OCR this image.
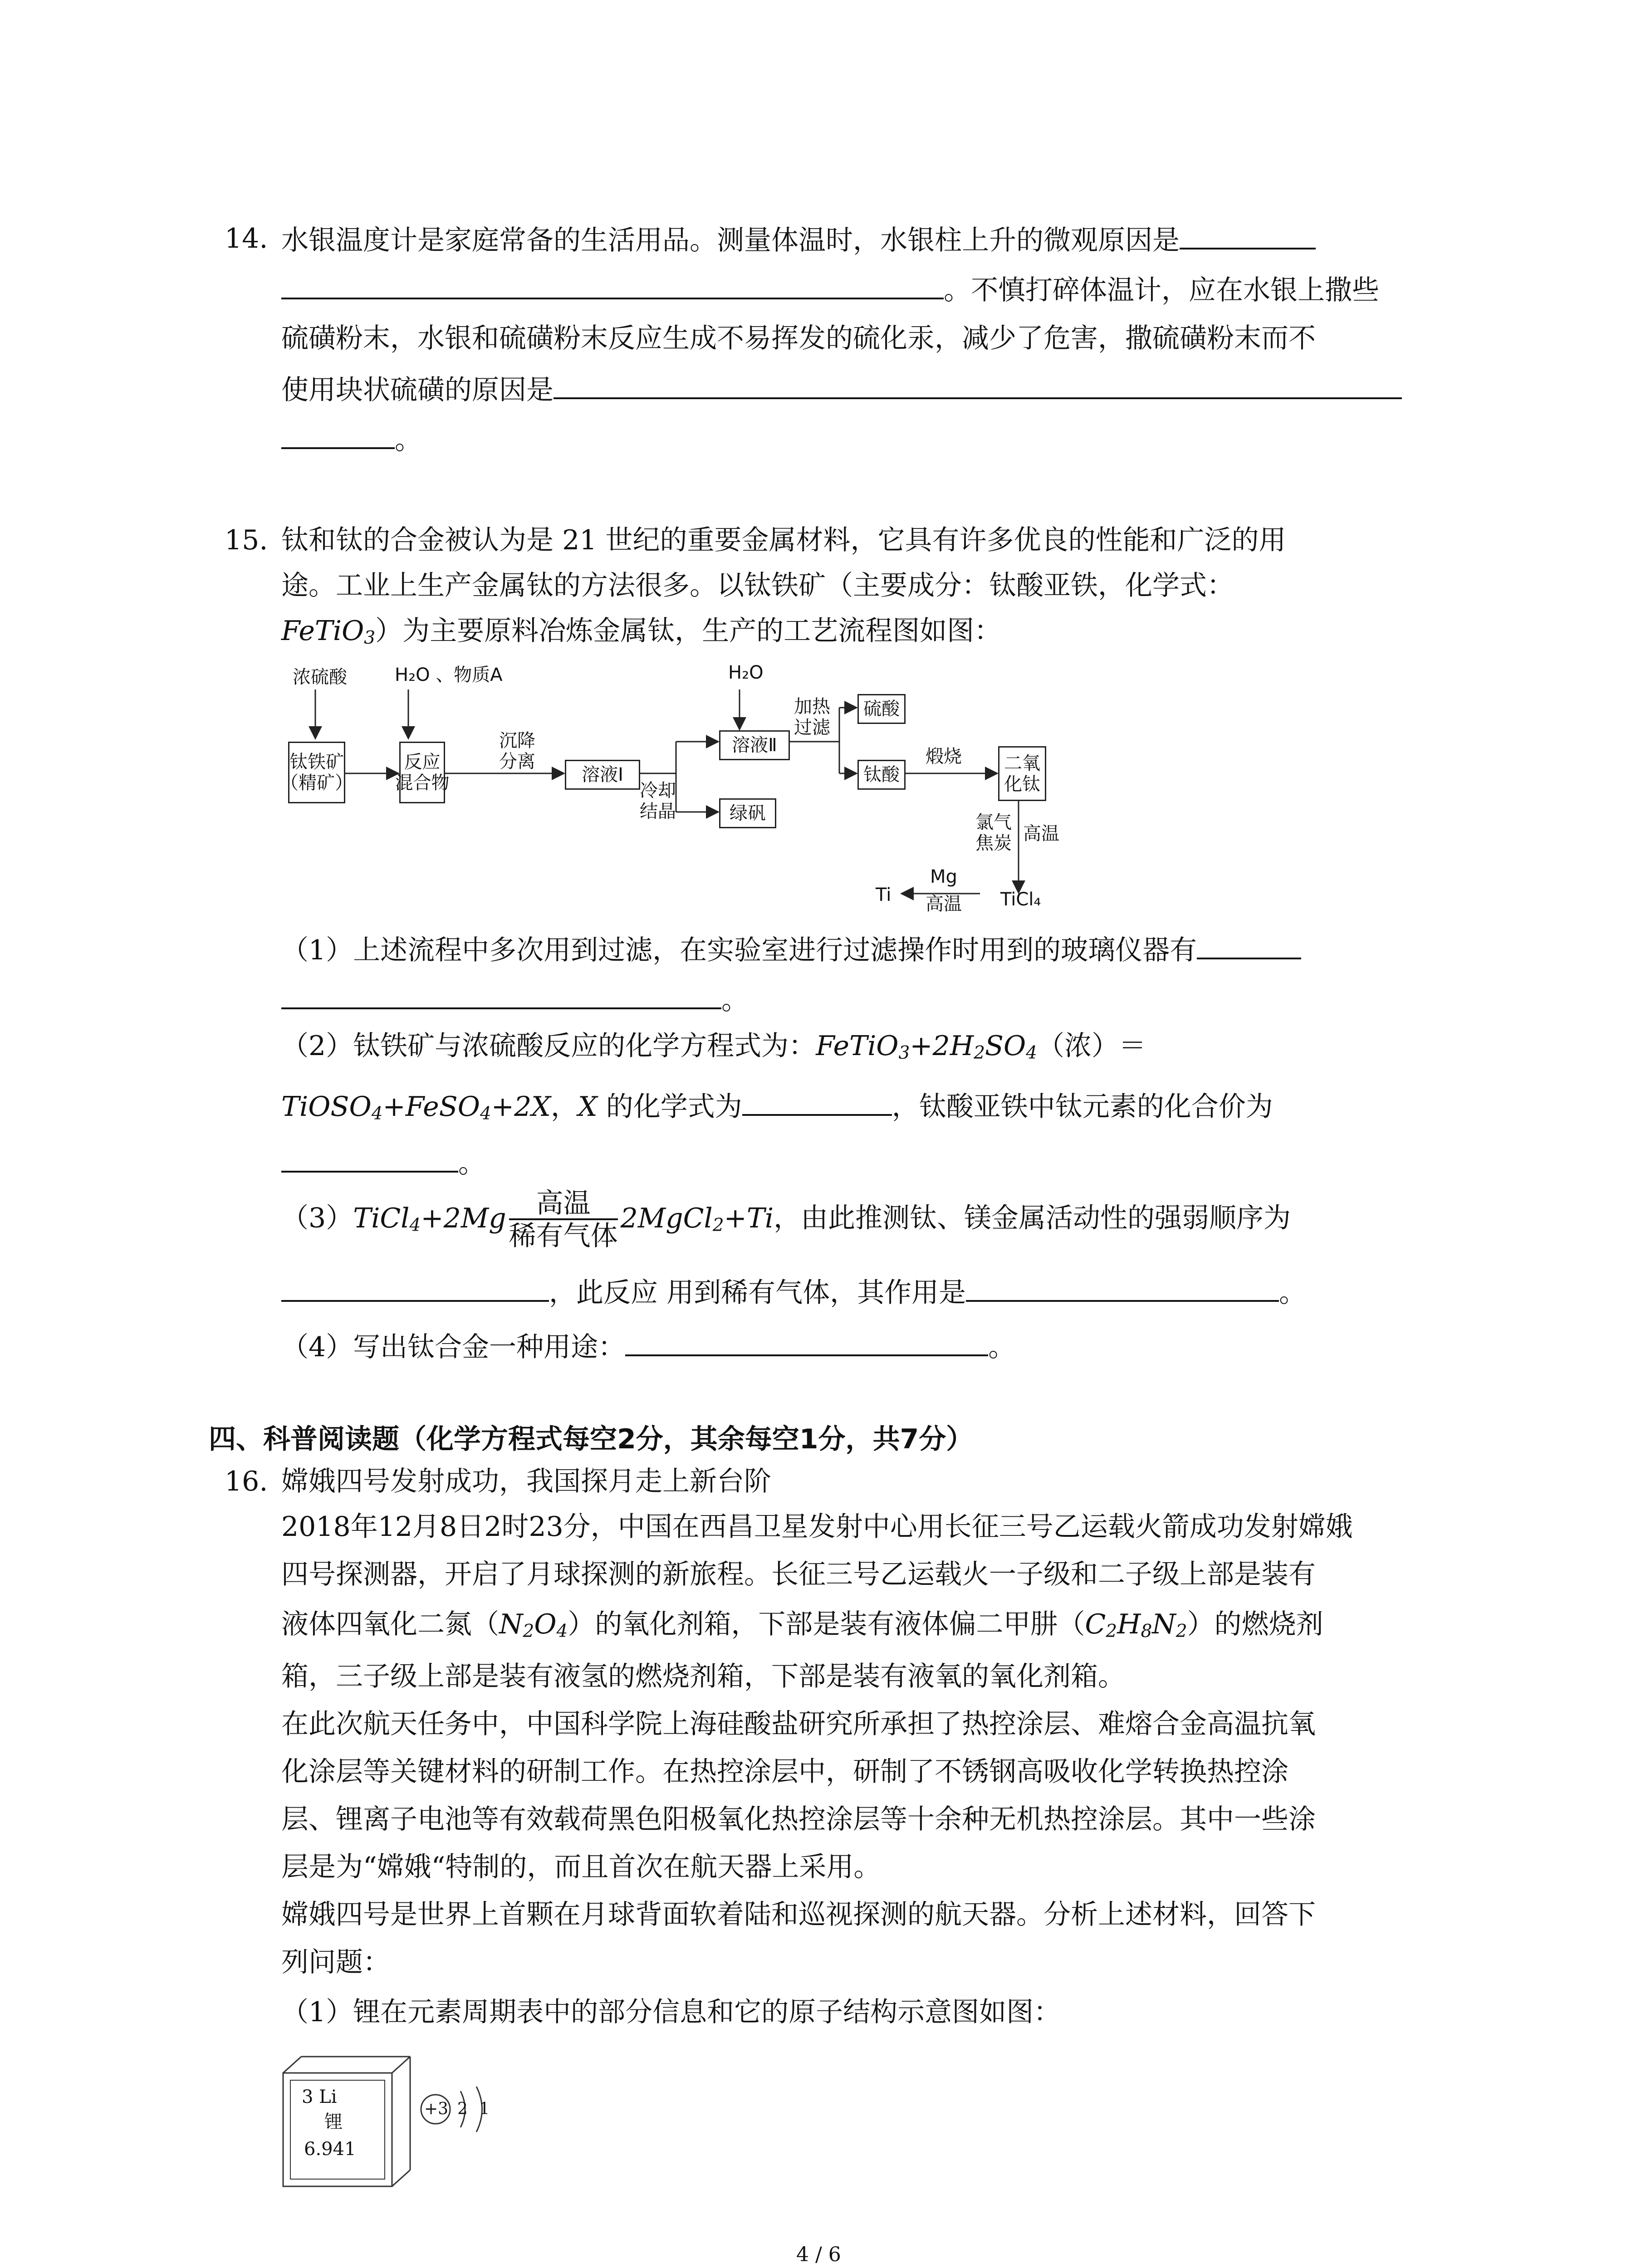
14. 水银温度计是家庭常备的生活用品。测量体温时，水银柱上升的微观原因是
。不慎打碎体温计，应在水银上撒些
硫磺粉末，水银和硫磺粉末反应生成不易挥发的硫化汞，减少了危害，撒硫磺粉末而不
使用块状硫磺的原因是
。
15. 钛和钛的合金被认为是 21 世纪的重要金属材料，它具有许多优良的性能和广泛的用
途。工业上生产金属钛的方法很多。以钛铁矿（主要成分：钛酸亚铁，化学式：
FeTiO$_3$）为主要原料冶炼金属钛，生产的工艺流程图如图：
浓硫酸	H₂O 、物质A	H₂O
钛铁矿
（精矿）
反应
混合物
沉降
分离
溶液Ⅰ
冷却
结晶
溶液Ⅱ
加热
过滤
绿矾
硫酸
钛酸
煅烧	二氧
化钛
氯气
焦炭 高温
TiCl₄
Mg
高温
Ti
（1）上述流程中多次用到过滤，在实验室进行过滤操作时用到的玻璃仪器有
。
（2）钛铁矿与浓硫酸反应的化学方程式为：$FeTiO_3+2H_2SO_4$（浓）＝
TiOSO$_4$+FeSO$_4$+2X，X 的化学式为	，钛酸亚铁中钛元素的化合价为
。
（3）TiCl$_4$+2Mg $\frac{\text{高温}}{\text{稀有气体}}$ 2MgCl$_2$+Ti，由此推测钛、镁金属活动性的强弱顺序为
，此反应 用到稀有气体，其作用是	。
（4）写出钛合金一种用途：	。
四、科普阅读题（化学方程式每空2分，其余每空1分，共7分）
16. 嫦娥四号发射成功，我国探月走上新台阶
2018年12月8日2时23分，中国在西昌卫星发射中心用长征三号乙运载火箭成功发射嫦娥
四号探测器，开启了月球探测的新旅程。长征三号乙运载火一子级和二子级上部是装有
液体四氧化二氮$(N_2O_4)$的氧化剂箱，下部是装有液体偏二甲肼$(C_2H_8N_2)$的燃烧剂
箱，三子级上部是装有液氢的燃烧剂箱，下部是装有液氧的氧化剂箱。
在此次航天任务中，中国科学院上海硅酸盐研究所承担了热控涂层、难熔合金高温抗氧
化涂层等关键材料的研制工作。在热控涂层中，研制了不锈钢高吸收化学转换热控涂
层、锂离子电池等有效载荷黑色阳极氧化热控涂层等十余种无机热控涂层。其中一些涂
层是为“嫦娥“特制的，而且首次在航天器上采用。
嫦娥四号是世界上首颗在月球背面软着陆和巡视探测的航天器。分析上述材料，回答下
列问题：
（1）锂在元素周期表中的部分信息和它的原子结构示意图如图：
3 Li
锂
6.941
+3 2 1
4 / 6
